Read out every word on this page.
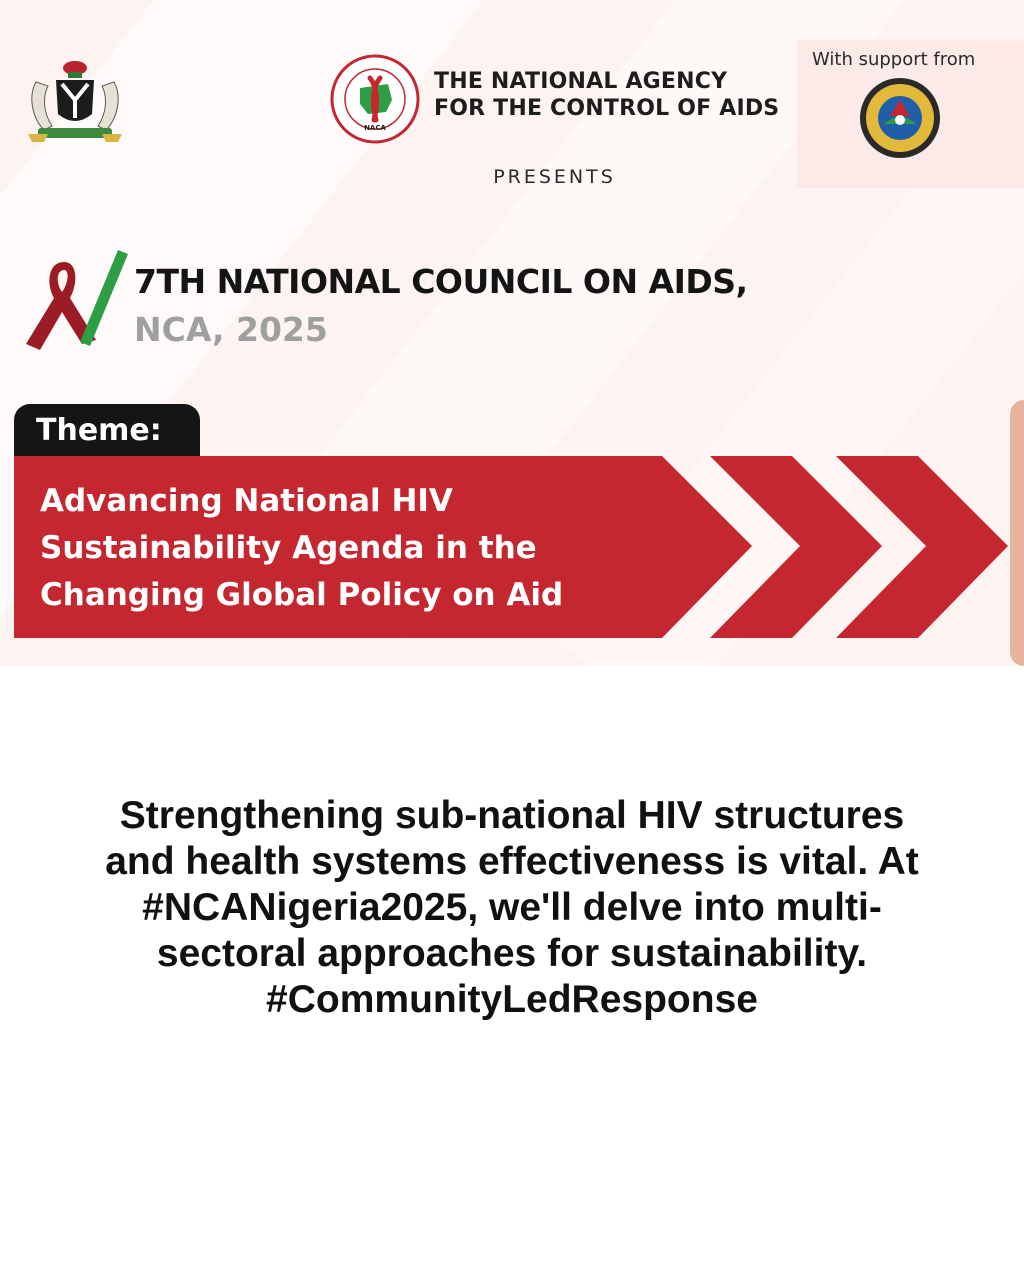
NACA

THE NATIONAL AGENCY
FOR THE CONTROL OF AIDS

With support from
PRESENTS
7TH NATIONAL COUNCIL ON AIDS,
NCA, 2025
Theme:

Advancing National HIV
Sustainability Agenda in the
Changing Global Policy on Aid

Strengthening sub-national HIV structures
and health systems effectiveness is vital. At
#NCANigeria2025, we'll delve into multi-
sectoral approaches for sustainability.
#CommunityLedResponse
